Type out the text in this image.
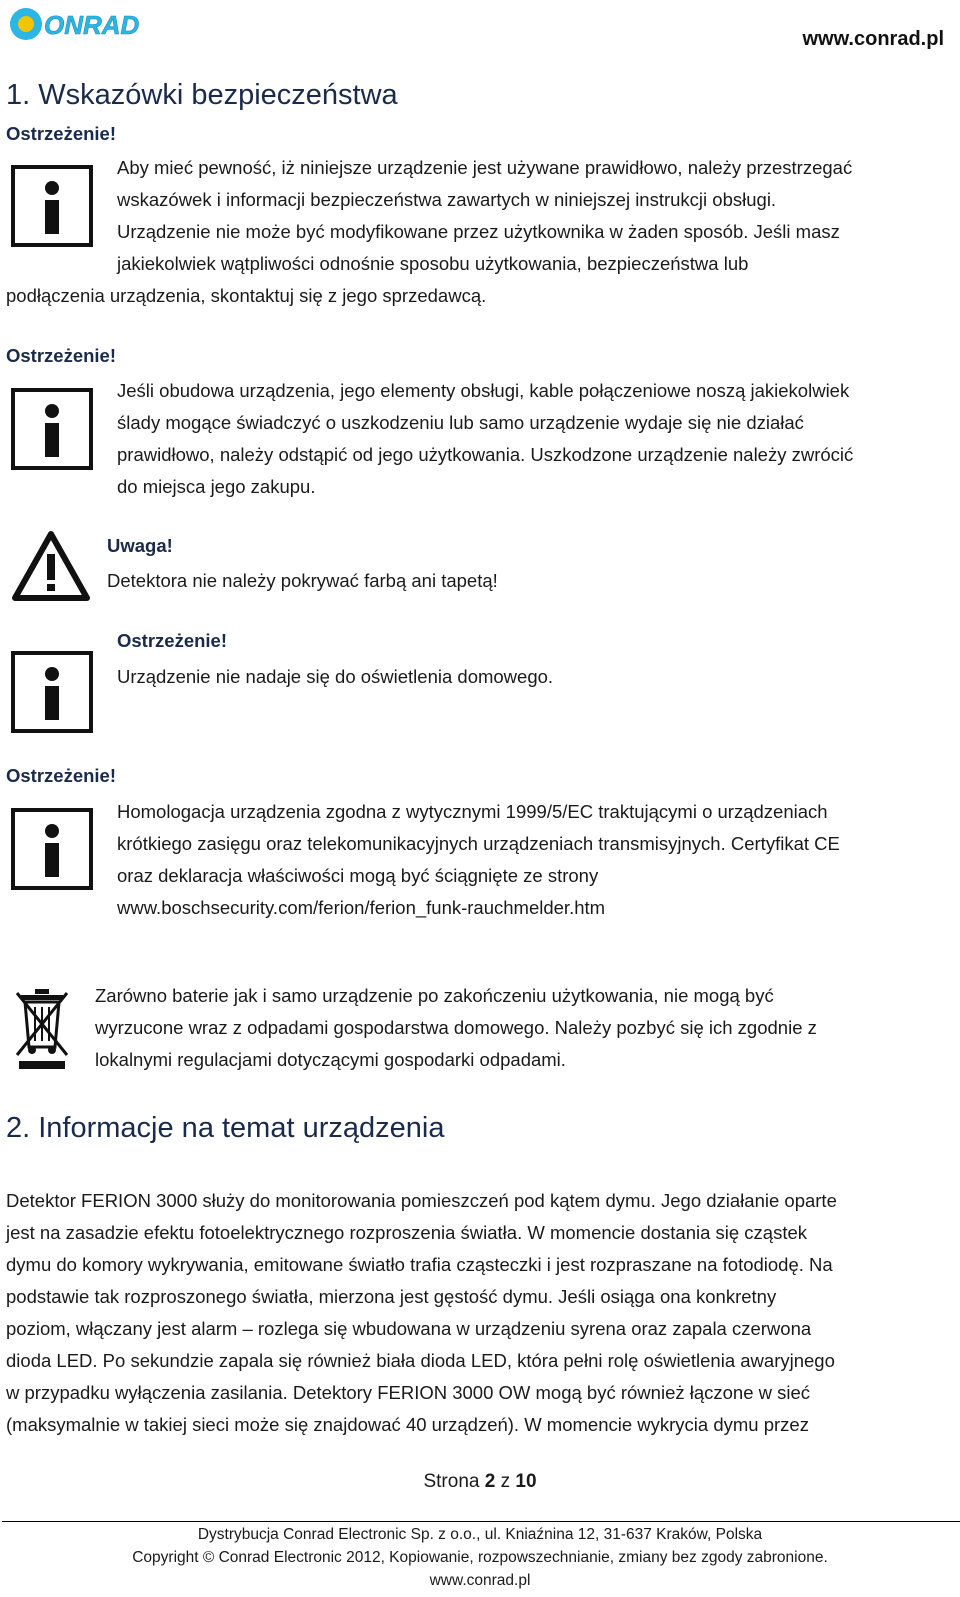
ONRAD	www.conrad.pl
1. Wskazówki bezpieczeństwa
Ostrzeżenie!
Aby mieć pewność, iż niniejsze urządzenie jest używane prawidłowo, należy przestrzegać
wskazówek i informacji bezpieczeństwa zawartych w niniejszej instrukcji obsługi.
Urządzenie nie może być modyfikowane przez użytkownika w żaden sposób. Jeśli masz
jakiekolwiek wątpliwości odnośnie sposobu użytkowania, bezpieczeństwa lub
podłączenia urządzenia, skontaktuj się z jego sprzedawcą.
Ostrzeżenie!
Jeśli obudowa urządzenia, jego elementy obsługi, kable połączeniowe noszą jakiekolwiek
ślady mogące świadczyć o uszkodzeniu lub samo urządzenie wydaje się nie działać
prawidłowo, należy odstąpić od jego użytkowania. Uszkodzone urządzenie należy zwrócić
do miejsca jego zakupu.
Uwaga!
Detektora nie należy pokrywać farbą ani tapetą!
Ostrzeżenie!
Urządzenie nie nadaje się do oświetlenia domowego.
Ostrzeżenie!
Homologacja urządzenia zgodna z wytycznymi 1999/5/EC traktującymi o urządzeniach
krótkiego zasięgu oraz telekomunikacyjnych urządzeniach transmisyjnych. Certyfikat CE
oraz deklaracja właściwości mogą być ściągnięte ze strony
www.boschsecurity.com/ferion/ferion_funk-rauchmelder.htm
Zarówno baterie jak i samo urządzenie po zakończeniu użytkowania, nie mogą być
wyrzucone wraz z odpadami gospodarstwa domowego. Należy pozbyć się ich zgodnie z
lokalnymi regulacjami dotyczącymi gospodarki odpadami.
2. Informacje na temat urządzenia
Detektor FERION 3000 służy do monitorowania pomieszczeń pod kątem dymu. Jego działanie oparte
jest na zasadzie efektu fotoelektrycznego rozproszenia światła. W momencie dostania się cząstek
dymu do komory wykrywania, emitowane światło trafia cząsteczki i jest rozpraszane na fotodiodę. Na
podstawie tak rozproszonego światła, mierzona jest gęstość dymu. Jeśli osiąga ona konkretny
poziom, włączany jest alarm – rozlega się wbudowana w urządzeniu syrena oraz zapala czerwona
dioda LED. Po sekundzie zapala się również biała dioda LED, która pełni rolę oświetlenia awaryjnego
w przypadku wyłączenia zasilania. Detektory FERION 3000 OW mogą być również łączone w sieć
(maksymalnie w takiej sieci może się znajdować 40 urządzeń). W momencie wykrycia dymu przez
Strona 2 z 10
Dystrybucja Conrad Electronic Sp. z o.o., ul. Kniaźnina 12, 31-637 Kraków, Polska
Copyright © Conrad Electronic 2012, Kopiowanie, rozpowszechnianie, zmiany bez zgody zabronione.
www.conrad.pl
